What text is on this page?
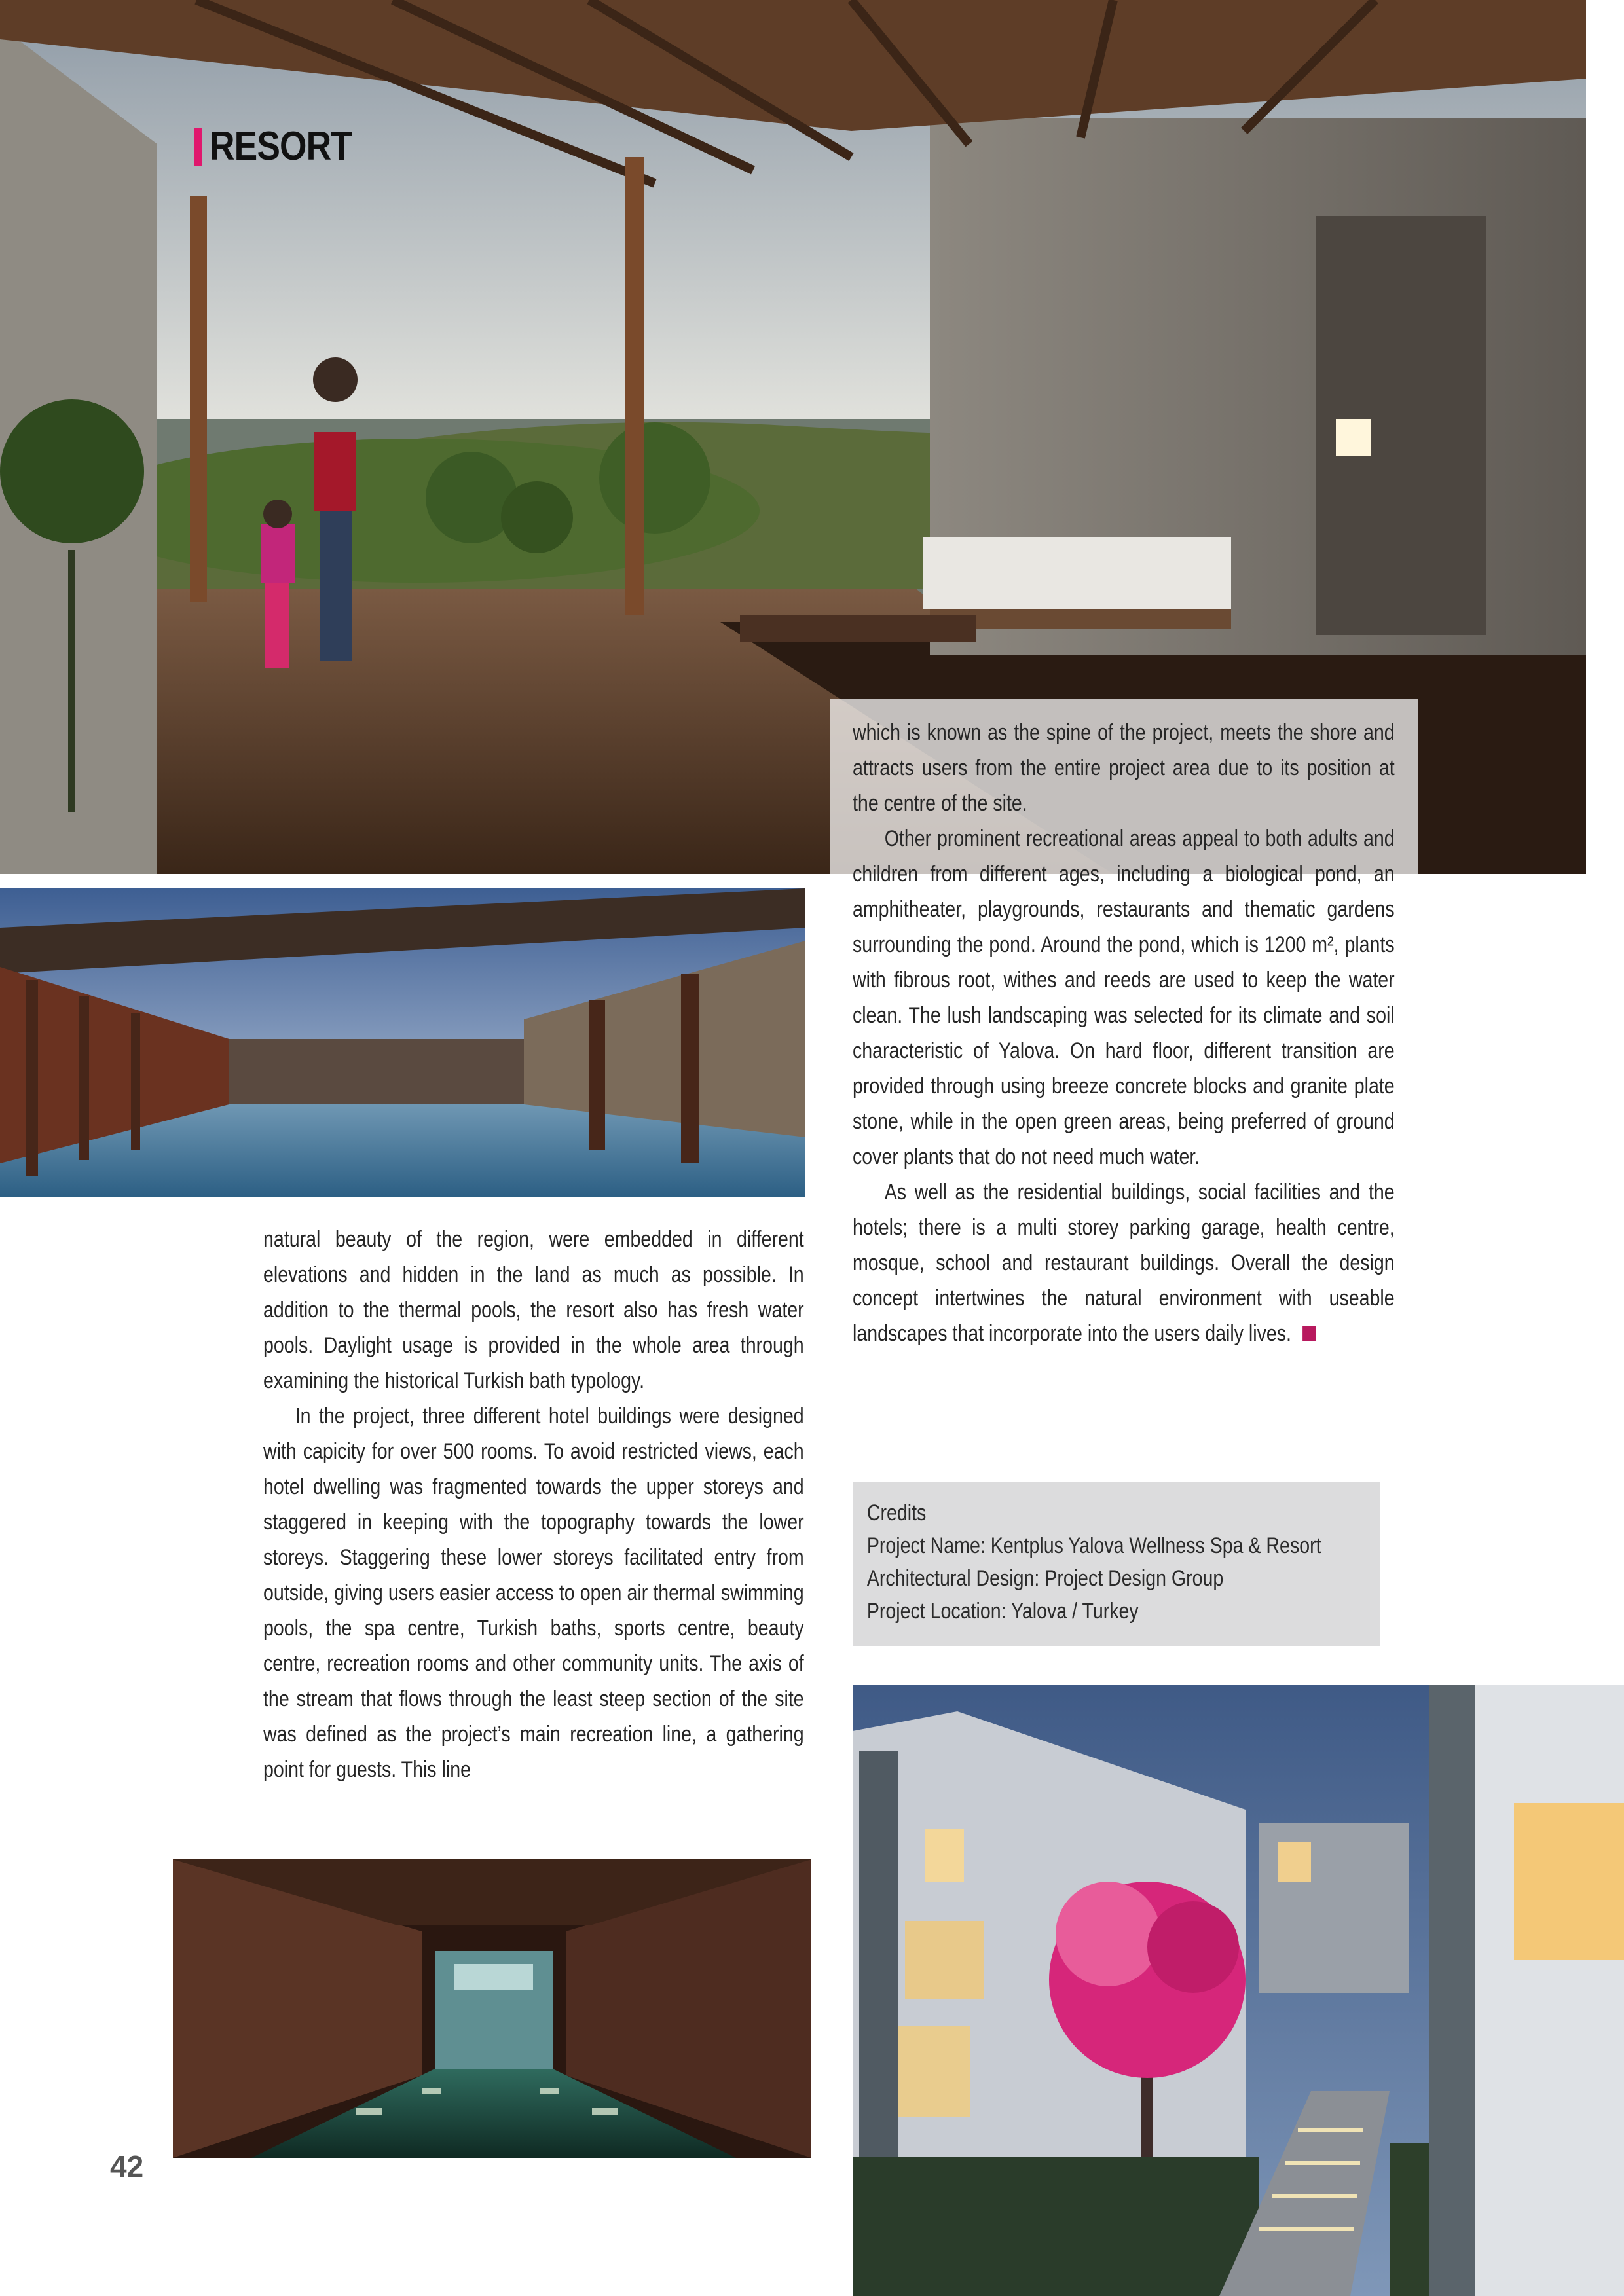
RESORT

natural beauty of the region, were embedded in different elevations and hidden in the land as much as possible. In addition to the thermal pools, the resort also has fresh water pools. Daylight usage is provided in the whole area through examining the historical Turkish bath typology.

In the project, three different hotel buildings were designed with capicity for over 500 rooms. To avoid restricted views, each hotel dwelling was fragmented towards the upper storeys and staggered in keeping with the topography towards the lower storeys. Staggering these lower storeys facilitated entry from outside, giving users easier access to open air thermal swimming pools, the spa centre, Turkish baths, sports centre, beauty centre, recreation rooms and other community units. The axis of the stream that flows through the least steep section of the site was defined as the project’s main recreation line, a gathering point for guests. This line

which is known as the spine of the project, meets the shore and attracts users from the entire project area due to its position at the centre of the site.

Other prominent recreational areas appeal to both adults and children from different ages, including a biological pond, an amphitheater, playgrounds, restaurants and thematic gardens surrounding the pond. Around the pond, which is 1200 m², plants with fibrous root, withes and reeds are used to keep the water clean. The lush landscaping was selected for its climate and soil characteristic of Yalova. On hard floor, different transition are provided through using breeze concrete blocks and granite plate stone, while in the open green areas, being preferred of ground cover plants that do not need much water.

As well as the residential buildings, social facilities and the hotels; there is a multi storey parking garage, health centre, mosque, school and restaurant buildings. Overall the design concept intertwines the natural environment with useable landscapes that incorporate into the users daily lives.

Credits
Project Name: Kentplus Yalova Wellness Spa & Resort
Architectural Design: Project Design Group
Project Location: Yalova / Turkey
42
